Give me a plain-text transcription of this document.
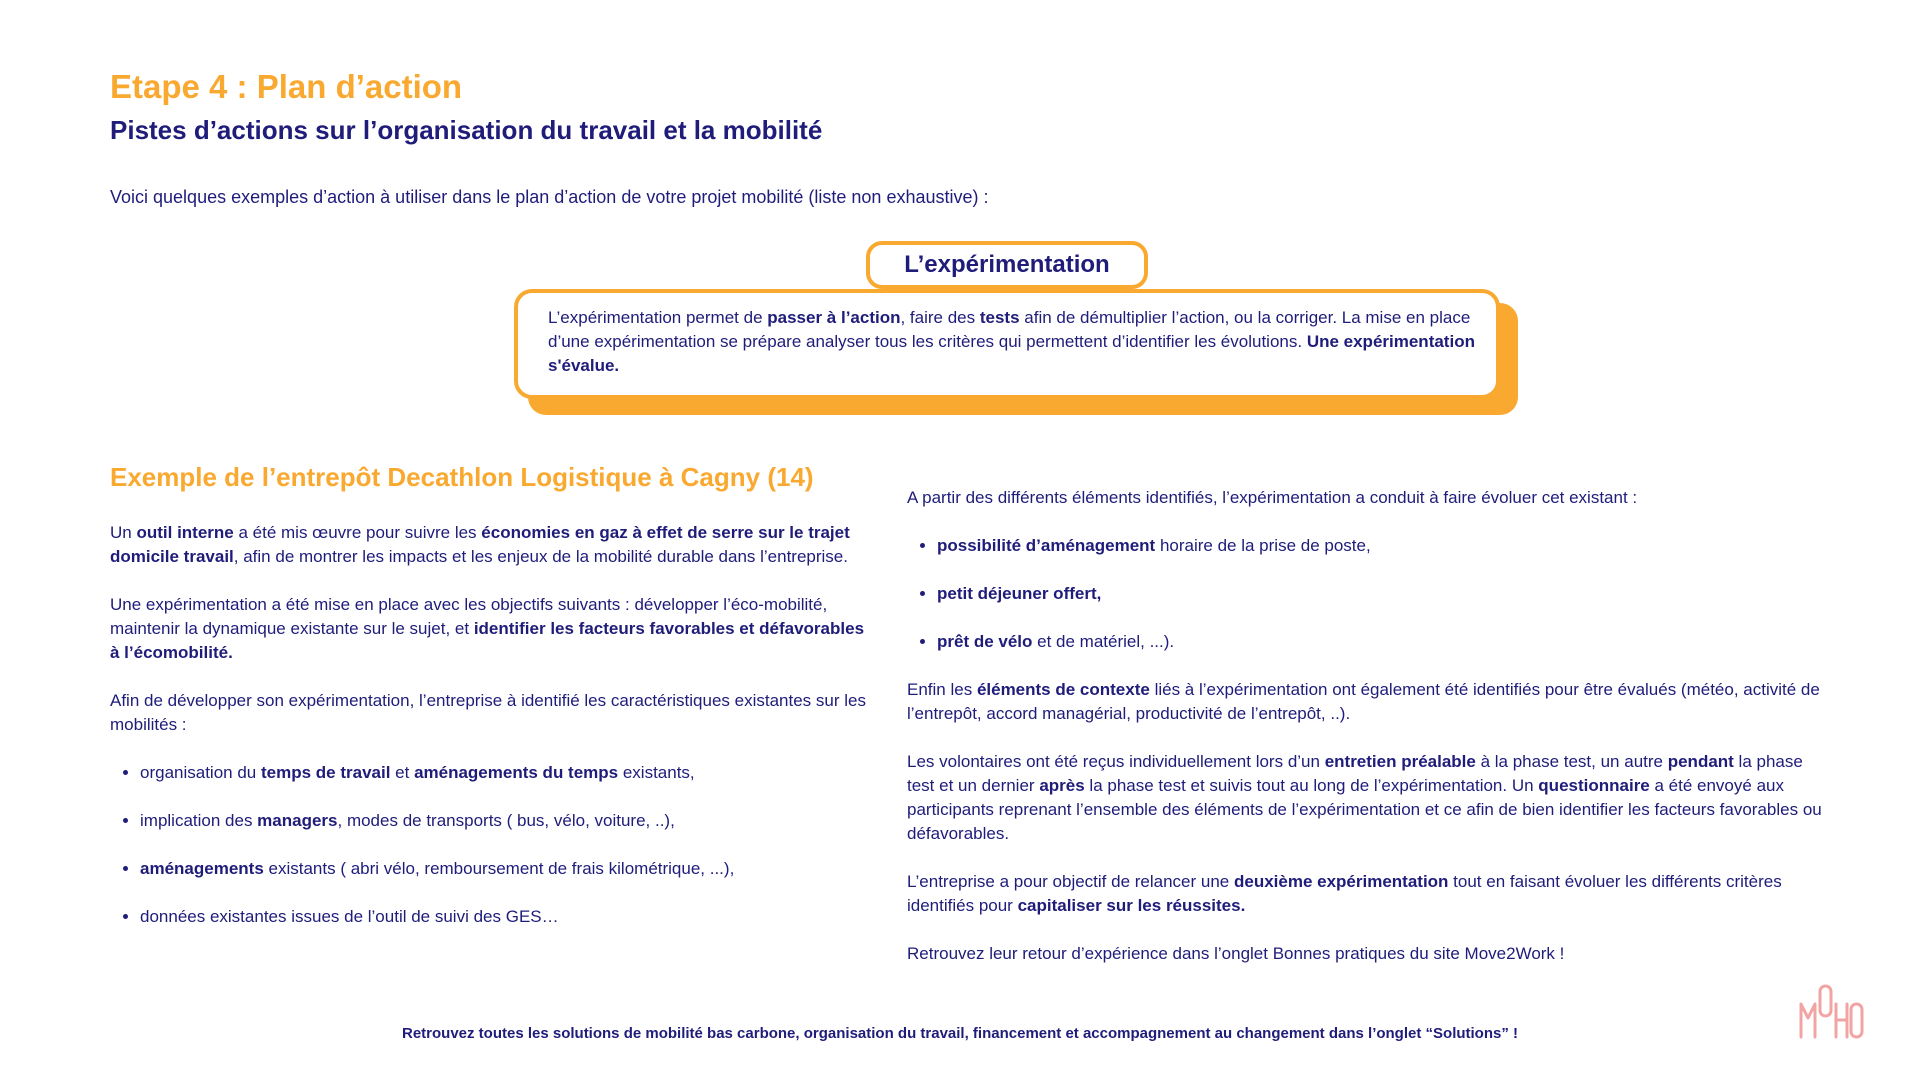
Etape 4 : Plan d’action
Pistes d’actions sur l’organisation du travail et la mobilité

Voici quelques exemples d’action à utiliser dans le plan d’action de votre projet mobilité (liste non exhaustive) :

L’expérimentation permet de passer à l’action, faire des tests afin de démultiplier l’action, ou la corriger. La mise en place d’une expérimentation se prépare analyser tous les critères qui permettent d’identifier les évolutions. Une expérimentation s'évalue.

L’expérimentation
Exemple de l’entrepôt Decathlon Logistique à Cagny (14)

Un outil interne a été mis œuvre pour suivre les économies en gaz à effet de serre sur le trajet domicile travail, afin de montrer les impacts et les enjeux de la mobilité durable dans l’entreprise.

Une expérimentation a été mise en place avec les objectifs suivants : développer l’éco-mobilité, maintenir la dynamique existante sur le sujet, et identifier les facteurs favorables et défavorables à l’écomobilité.

Afin de développer son expérimentation, l’entreprise à identifié les caractéristiques existantes sur les mobilités :

• organisation du temps de travail et aménagements du temps existants,
• implication des managers, modes de transports ( bus, vélo, voiture, ..),
• aménagements existants ( abri vélo, remboursement de frais kilométrique, ...),
• données existantes issues de l’outil de suivi des GES…

A partir des différents éléments identifiés, l’expérimentation a conduit à faire évoluer cet existant :

• possibilité d’aménagement horaire de la prise de poste,
• petit déjeuner offert,
• prêt de vélo et de matériel, ...).

Enfin les éléments de contexte liés à l’expérimentation ont également été identifiés pour être évalués (météo, activité de l’entrepôt, accord managérial, productivité de l’entrepôt, ..).

Les volontaires ont été reçus individuellement lors d’un entretien préalable à la phase test, un autre pendant la phase test et un dernier après la phase test et suivis tout au long de l’expérimentation. Un questionnaire a été envoyé aux participants reprenant l’ensemble des éléments de l’expérimentation et ce afin de bien identifier les facteurs favorables ou défavorables.

L’entreprise a pour objectif de relancer une deuxième expérimentation tout en faisant évoluer les différents critères identifiés pour capitaliser sur les réussites.

Retrouvez leur retour d’expérience dans l’onglet Bonnes pratiques du site Move2Work !

Retrouvez toutes les solutions de mobilité bas carbone, organisation du travail, financement et accompagnement au changement dans l’onglet “Solutions” !
